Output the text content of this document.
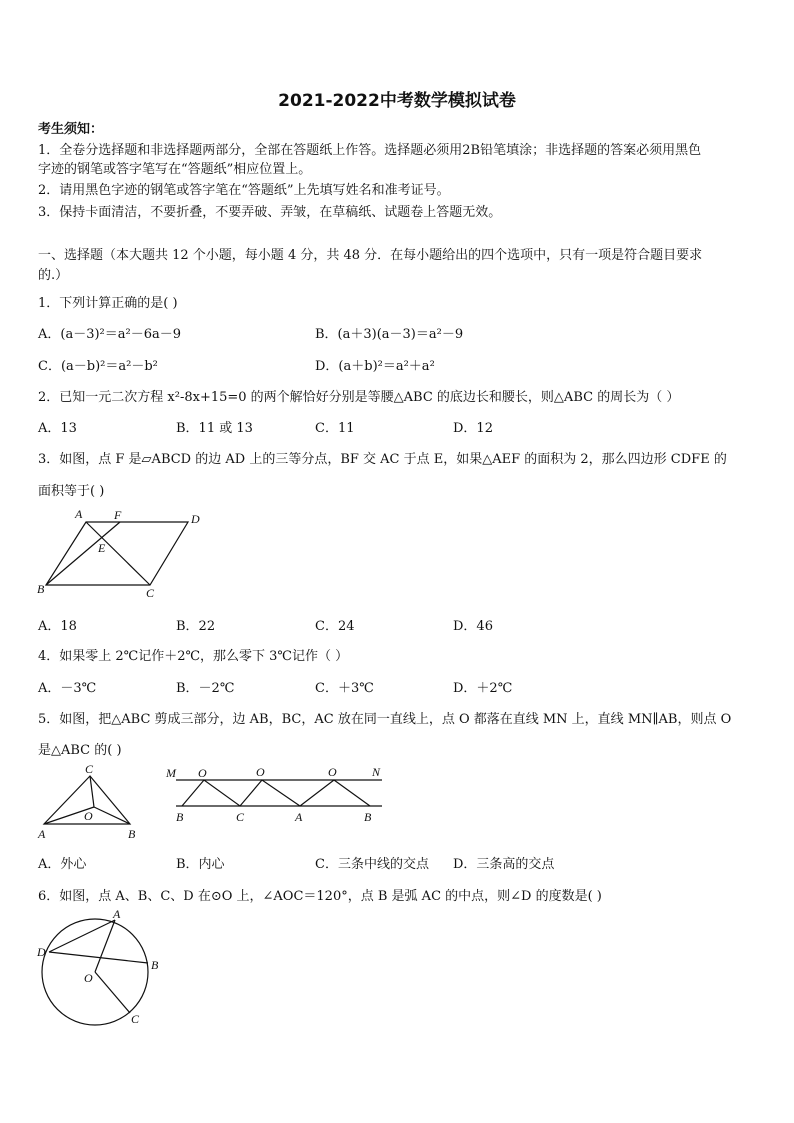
2021-2022中考数学模拟试卷
考生须知：
1．全卷分选择题和非选择题两部分，全部在答题纸上作答。选择题必须用2B铅笔填涂；非选择题的答案必须用黑色
字迹的钢笔或答字笔写在“答题纸”相应位置上。
2．请用黑色字迹的钢笔或答字笔在“答题纸”上先填写姓名和准考证号。
3．保持卡面清洁，不要折叠，不要弄破、弄皱，在草稿纸、试题卷上答题无效。
一、选择题（本大题共 12 个小题，每小题 4 分，共 48 分．在每小题给出的四个选项中，只有一项是符合题目要求
的.）
1．下列计算正确的是( )
A．(a－3)²＝a²－6a－9	B．(a＋3)(a－3)＝a²－9
C．(a－b)²＝a²－b²	D．(a＋b)²＝a²＋a²
2．已知一元二次方程 x²-8x+15=0 的两个解恰好分别是等腰△ABC 的底边长和腰长，则△ABC 的周长为（ ）
A．13	B．11 或 13	C．11	D．12
3．如图，点 F 是▱ABCD 的边 AD 上的三等分点，BF 交 AC 于点 E，如果△AEF 的面积为 2，那么四边形 CDFE 的
面积等于( )
A	F	D
E
B	C
A．18	B．22	C．24	D．46
4．如果零上 2℃记作＋2℃，那么零下 3℃记作（ ）
A．－3℃	B．－2℃	C．＋3℃	D．＋2℃
5．如图，把△ABC 剪成三部分，边 AB，BC，AC 放在同一直线上，点 O 都落在直线 MN 上，直线 MN∥AB，则点 O
是△ABC 的( )
C
O
A	B
M O	O	O	N
B	C	A	B
A．外心	B．内心	C．三条中线的交点 D．三条高的交点
6．如图，点 A、B、C、D 在⊙O 上，∠AOC＝120°，点 B 是弧 AC 的中点，则∠D 的度数是( )
A
D
B
O
C
